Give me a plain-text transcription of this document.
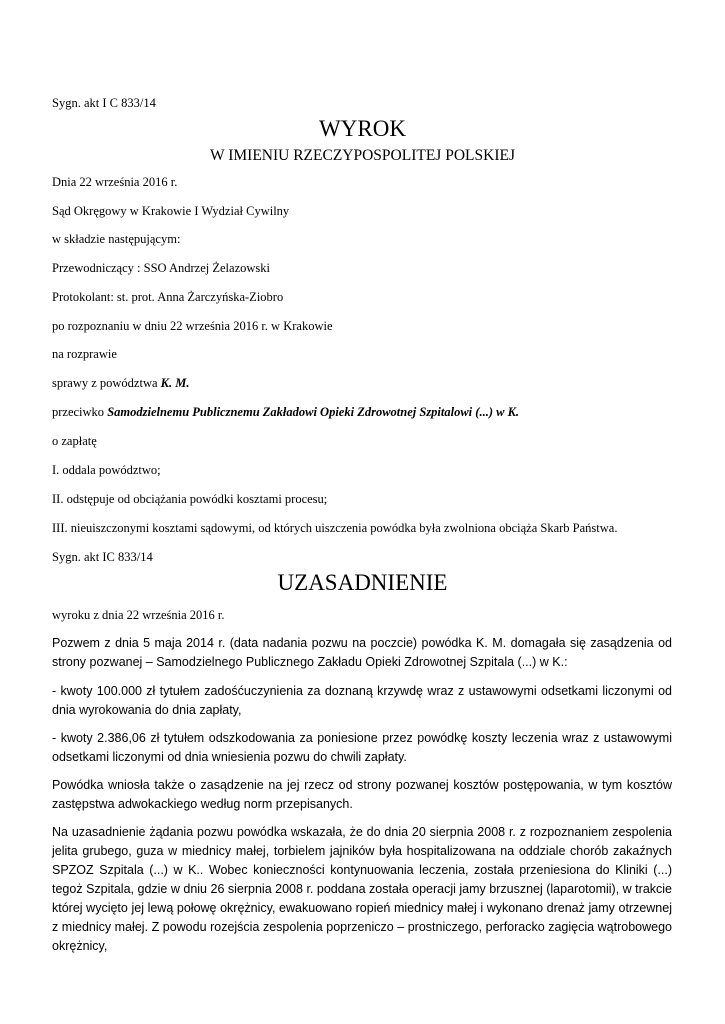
Sygn. akt I C 833/14
WYROK
W IMIENIU RZECZYPOSPOLITEJ POLSKIEJ
Dnia 22 września 2016 r.
Sąd Okręgowy w Krakowie I Wydział Cywilny
w składzie następującym:
Przewodniczący : SSO Andrzej Żelazowski
Protokolant: st. prot. Anna Żarczyńska-Ziobro
po rozpoznaniu w dniu 22 września 2016 r. w Krakowie
na rozprawie
sprawy z powództwa K. M.
przeciwko Samodzielnemu Publicznemu Zakładowi Opieki Zdrowotnej Szpitalowi (...) w K.
o zapłatę
I. oddala powództwo;
II. odstępuje od obciążania powódki kosztami procesu;
III. nieuiszczonymi kosztami sądowymi, od których uiszczenia powódka była zwolniona obciąża Skarb Państwa.
Sygn. akt IC 833/14
UZASADNIENIE
wyroku z dnia 22 września 2016 r.
Pozwem z dnia 5 maja 2014 r. (data nadania pozwu na poczcie) powódka K. M. domagała się zasądzenia od strony pozwanej – Samodzielnego Publicznego Zakładu Opieki Zdrowotnej Szpitala (...) w K.:
- kwoty 100.000 zł tytułem zadośćuczynienia za doznaną krzywdę wraz z ustawowymi odsetkami liczonymi od dnia wyrokowania do dnia zapłaty,
- kwoty 2.386,06 zł tytułem odszkodowania za poniesione przez powódkę koszty leczenia wraz z ustawowymi odsetkami liczonymi od dnia wniesienia pozwu do chwili zapłaty.
Powódka wniosła także o zasądzenie na jej rzecz od strony pozwanej kosztów postępowania, w tym kosztów zastępstwa adwokackiego według norm przepisanych.
Na uzasadnienie żądania pozwu powódka wskazała, że do dnia 20 sierpnia 2008 r. z rozpoznaniem zespolenia jelita grubego, guza w miednicy małej, torbielem jajników była hospitalizowana na oddziale chorób zakaźnych SPZOZ Szpitala (...) w K.. Wobec konieczności kontynuowania leczenia, została przeniesiona do Kliniki (...) tegoż Szpitala, gdzie w dniu 26 sierpnia 2008 r. poddana została operacji jamy brzusznej (laparotomii), w trakcie której wycięto jej lewą połowę okrężnicy, ewakuowano ropień miednicy małej i wykonano drenaż jamy otrzewnej z miednicy małej. Z powodu rozejścia zespolenia poprzeniczo – prostniczego, perforacko zagięcia wątrobowego okrężnicy,
